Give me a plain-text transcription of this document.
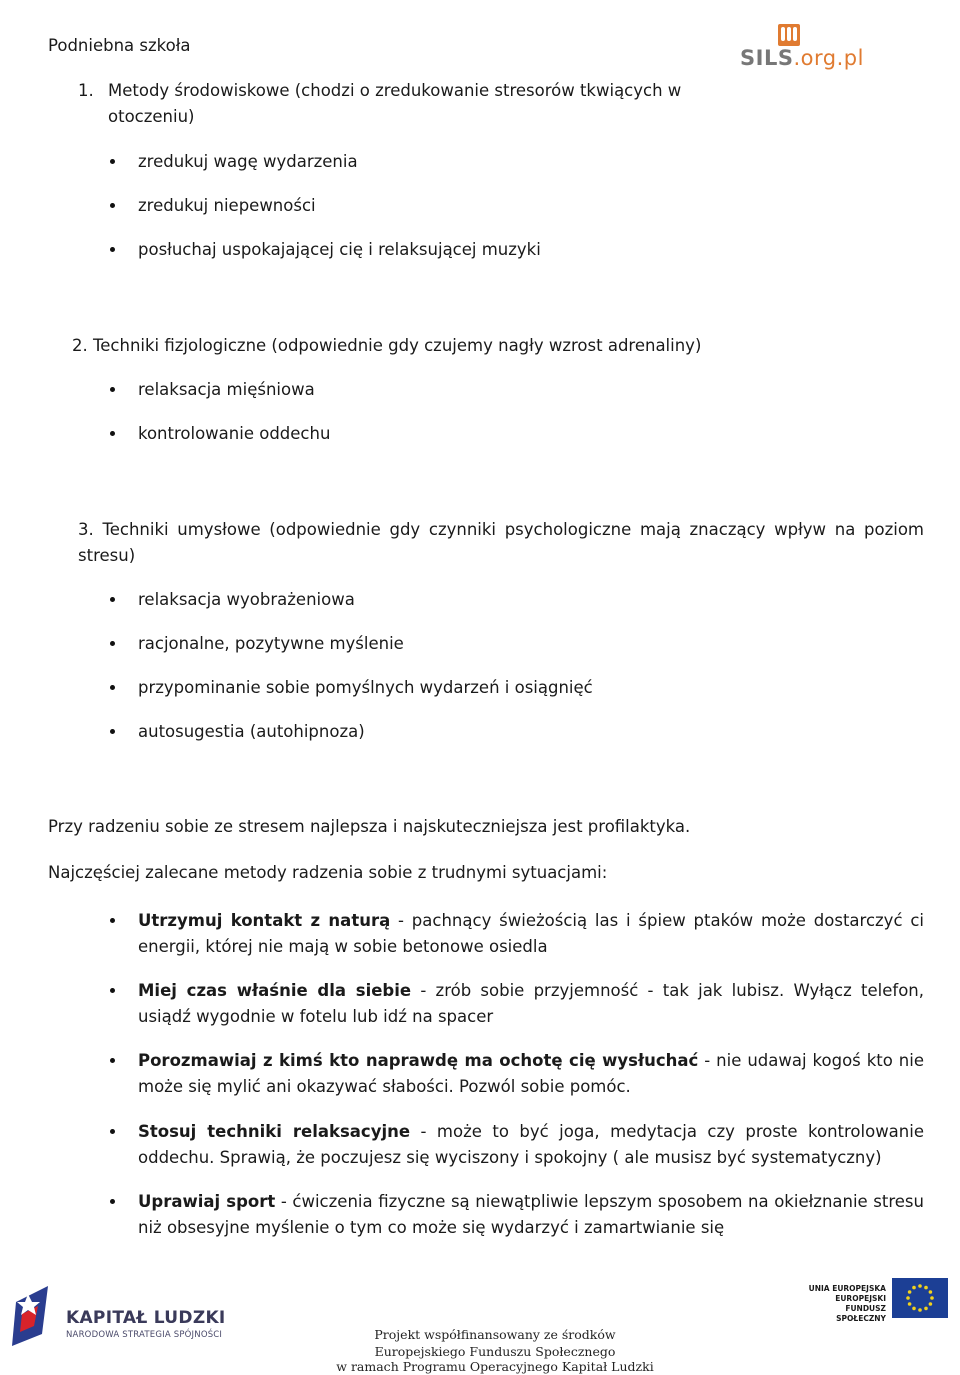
Podniebna szkoła
SILS.org.pl
1. Metody środowiskowe (chodzi o zredukowanie stresorów tkwiących w otoczeniu)
zredukuj wagę wydarzenia
zredukuj niepewności
posłuchaj uspokajającej cię i relaksującej muzyki
2. Techniki fizjologiczne (odpowiednie gdy czujemy nagły wzrost adrenaliny)
relaksacja mięśniowa
kontrolowanie oddechu
3. Techniki umysłowe (odpowiednie gdy czynniki psychologiczne mają znaczący wpływ na poziom
stresu)
relaksacja wyobrażeniowa
racjonalne, pozytywne myślenie
przypominanie sobie pomyślnych wydarzeń i osiągnięć
autosugestia (autohipnoza)
Przy radzeniu sobie ze stresem najlepsza i najskuteczniejsza jest profilaktyka.
Najczęściej zalecane metody radzenia sobie z trudnymi sytuacjami:
Utrzymuj kontakt z naturą - pachnący świeżością las i śpiew ptaków może dostarczyć ci energii, której nie mają w sobie betonowe osiedla
Miej czas właśnie dla siebie - zrób sobie przyjemność - tak jak lubisz. Wyłącz telefon, usiądź wygodnie w fotelu lub idź na spacer
Porozmawiaj z kimś kto naprawdę ma ochotę cię wysłuchać - nie udawaj kogoś kto nie może się mylić ani okazywać słabości. Pozwól sobie pomóc.
Stosuj techniki relaksacyjne - może to być joga, medytacja czy proste kontrolowanie oddechu. Sprawią, że poczujesz się wyciszony i spokojny ( ale musisz być systematyczny)
Uprawiaj sport - ćwiczenia fizyczne są niewątpliwie lepszym sposobem na okiełznanie stresu niż obsesyjne myślenie o tym co może się wydarzyć i zamartwianie się
KAPITAŁ LUDZKI
NARODOWA STRATEGIA SPÓJNOŚCI
UNIA EUROPEJSKA
EUROPEJSKI
FUNDUSZ SPOŁECZNY
Projekt współfinansowany ze środków
Europejskiego Funduszu Społecznego
w ramach Programu Operacyjnego Kapitał Ludzki
